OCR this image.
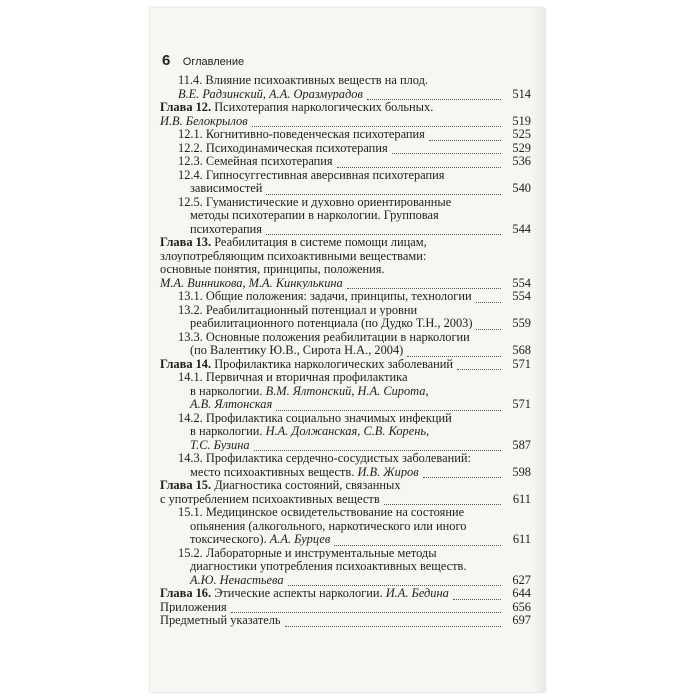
6 Оглавление
11.4. Влияние психоактивных веществ на плод.
В.Е. Радзинский, А.А. Оразмурадов	514
Глава 12. Психотерапия наркологических больных.
И.В. Белокрылов	519
12.1. Когнитивно-поведенческая психотерапия	525
12.2. Психодинамическая психотерапия	529
12.3. Семейная психотерапия	536
12.4. Гипносуггестивная аверсивная психотерапия
зависимостей	540
12.5. Гуманистические и духовно ориентированные
методы психотерапии в наркологии. Групповая
психотерапия	544
Глава 13. Реабилитация в системе помощи лицам,
злоупотребляющим психоактивными веществами:
основные понятия, принципы, положения.
М.А. Винникова, М.А. Кинкулькина	554
13.1. Общие положения: задачи, принципы, технологии	554
13.2. Реабилитационный потенциал и уровни
реабилитационного потенциала (по Дудко Т.Н., 2003)	559
13.3. Основные положения реабилитации в наркологии
(по Валентику Ю.В., Сирота Н.А., 2004)	568
Глава 14. Профилактика наркологических заболеваний	571
14.1. Первичная и вторичная профилактика
в наркологии. В.М. Ялтонский, Н.А. Сирота,
А.В. Ялтонская	571
14.2. Профилактика социально значимых инфекций
в наркологии. Н.А. Должанская, С.В. Корень,
Т.С. Бузина	587
14.3. Профилактика сердечно-сосудистых заболеваний:
место психоактивных веществ. И.В. Жиров	598
Глава 15. Диагностика состояний, связанных
с употреблением психоактивных веществ	611
15.1. Медицинское освидетельствование на состояние
опьянения (алкогольного, наркотического или иного
токсического). А.А. Бурцев	611
15.2. Лабораторные и инструментальные методы
диагностики употребления психоактивных веществ.
А.Ю. Ненастьева	627
Глава 16. Этические аспекты наркологии. И.А. Бедина	644
Приложения	656
Предметный указатель	697
